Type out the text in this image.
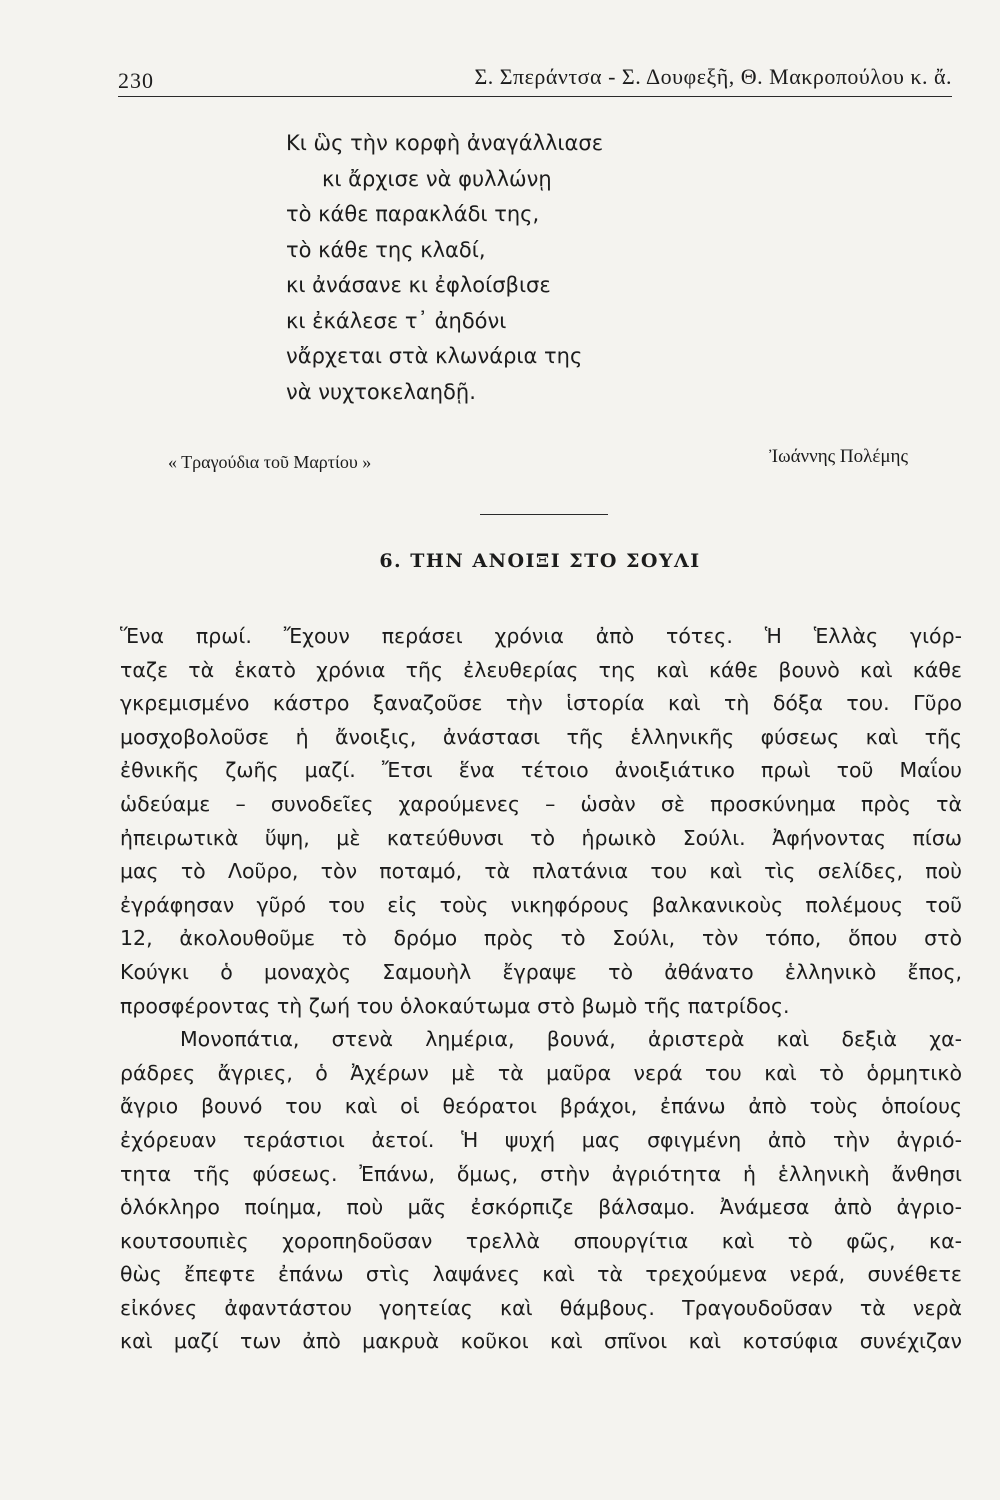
230	Σ. Σπεράντσα - Σ. Δουφεξῆ, Θ. Μακροπούλου κ. ἄ.
Κι ὣς τὴν κορφὴ ἀναγάλλιασε
κι ἄρχισε νὰ φυλλώνῃ
τὸ κάθε παρακλάδι της,
τὸ κάθε της κλαδί,
κι ἀνάσανε κι ἐφλοίσβισε
κι ἐκάλεσε τ᾽ ἀηδόνι
νἄρχεται στὰ κλωνάρια της
νὰ νυχτοκελαηδῇ.
« Τραγούδια τοῦ Μαρτίου »	Ἰωάννης Πολέμης
6. ΤΗΝ ΑΝΟΙΞΙ ΣΤΟ ΣΟΥΛΙ
Ἕνα πρωί. Ἔχουν περάσει χρόνια ἀπὸ τότες. Ἡ Ἑλλὰς γιόρ-
ταζε τὰ ἑκατὸ χρόνια τῆς ἐλευθερίας της καὶ κάθε βουνὸ καὶ κάθε
γκρεμισμένο κάστρο ξαναζοῦσε τὴν ἱστορία καὶ τὴ δόξα του. Γῦρο
μοσχοβολοῦσε ἡ ἄνοιξις, ἀνάστασι τῆς ἑλληνικῆς φύσεως καὶ τῆς
ἐθνικῆς ζωῆς μαζί. Ἔτσι ἕνα τέτοιο ἀνοιξιάτικο πρωὶ τοῦ Μαΐου
ὡδεύαμε – συνοδεῖες χαρούμενες – ὡσὰν σὲ προσκύνημα πρὸς τὰ
ἠπειρωτικὰ ὕψη, μὲ κατεύθυνσι τὸ ἡρωικὸ Σούλι. Ἀφήνοντας πίσω
μας τὸ Λοῦρο, τὸν ποταμό, τὰ πλατάνια του καὶ τὶς σελίδες, ποὺ
ἐγράφησαν γῦρό του εἰς τοὺς νικηφόρους βαλκανικοὺς πολέμους τοῦ
12, ἀκολουθοῦμε τὸ δρόμο πρὸς τὸ Σούλι, τὸν τόπο, ὅπου στὸ
Κούγκι ὁ μοναχὸς Σαμουὴλ ἔγραψε τὸ ἀθάνατο ἑλληνικὸ ἔπος,
προσφέροντας τὴ ζωή του ὁλοκαύτωμα στὸ βωμὸ τῆς πατρίδος.
Μονοπάτια, στενὰ λημέρια, βουνά, ἀριστερὰ καὶ δεξιὰ χα-
ράδρες ἄγριες, ὁ Ἀχέρων μὲ τὰ μαῦρα νερά του καὶ τὸ ὁρμητικὸ
ἄγριο βουνό του καὶ οἱ θεόρατοι βράχοι, ἐπάνω ἀπὸ τοὺς ὁποίους
ἐχόρευαν τεράστιοι ἀετοί. Ἡ ψυχή μας σφιγμένη ἀπὸ τὴν ἀγριό-
τητα τῆς φύσεως. Ἐπάνω, ὅμως, στὴν ἀγριότητα ἡ ἑλληνικὴ ἄνθησι
ὁλόκληρο ποίημα, ποὺ μᾶς ἐσκόρπιζε βάλσαμο. Ἀνάμεσα ἀπὸ ἀγριο-
κουτσουπιὲς χοροπηδοῦσαν τρελλὰ σπουργίτια καὶ τὸ φῶς, κα-
θὼς ἔπεφτε ἐπάνω στὶς λαψάνες καὶ τὰ τρεχούμενα νερά, συνέθετε
εἰκόνες ἀφαντάστου γοητείας καὶ θάμβους. Τραγουδοῦσαν τὰ νερὰ
καὶ μαζί των ἀπὸ μακρυὰ κοῦκοι καὶ σπῖνοι καὶ κοτσύφια συνέχιζαν
